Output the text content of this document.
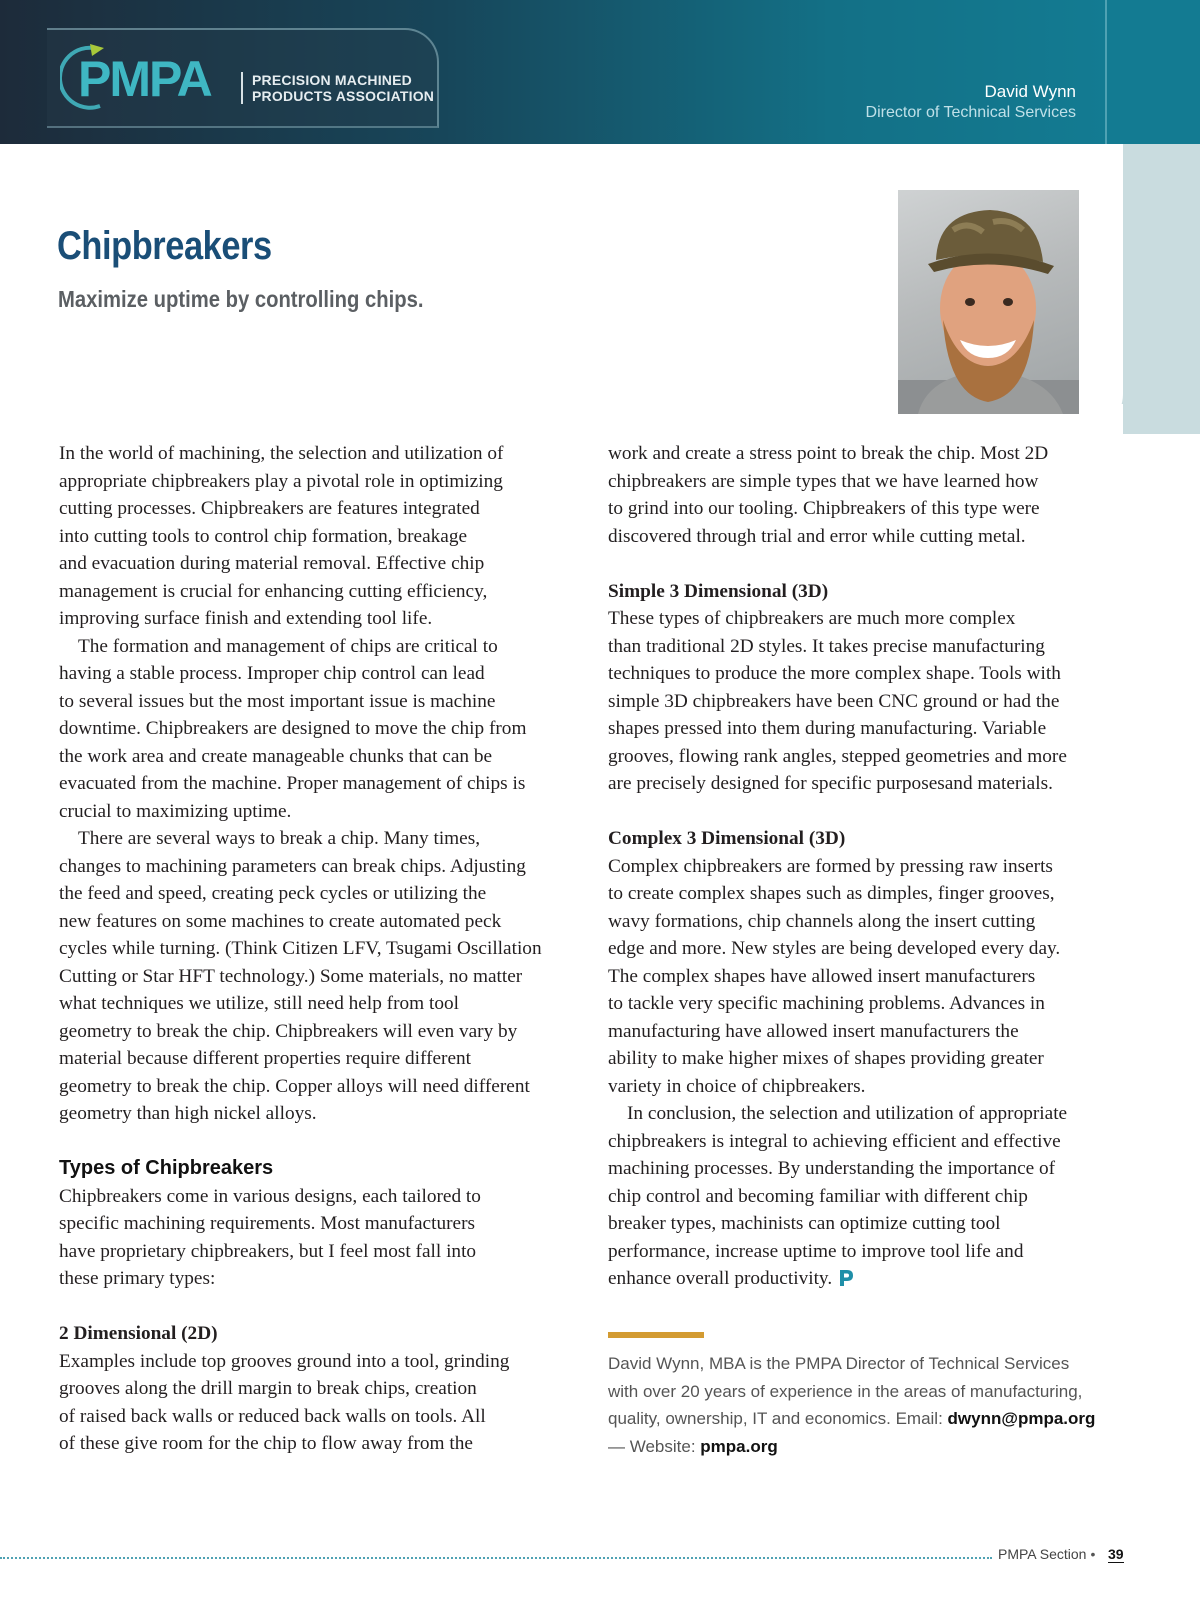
PMPA	PRECISION MACHINED
PRODUCTS ASSOCIATION	David Wynn
Director of Technical Services
Chipbreakers
Maximize uptime by controlling chips.
In the world of machining, the selection and utilization of
appropriate chipbreakers play a pivotal role in optimizing
cutting processes. Chipbreakers are features integrated
into cutting tools to control chip formation, breakage
and evacuation during material removal. Effective chip
management is crucial for enhancing cutting efficiency,
improving surface finish and extending tool life.
The formation and management of chips are critical to
having a stable process. Improper chip control can lead
to several issues but the most important issue is machine
downtime. Chipbreakers are designed to move the chip from
the work area and create manageable chunks that can be
evacuated from the machine. Proper management of chips is
crucial to maximizing uptime.
There are several ways to break a chip. Many times,
changes to machining parameters can break chips. Adjusting
the feed and speed, creating peck cycles or utilizing the
new features on some machines to create automated peck
cycles while turning. (Think Citizen LFV, Tsugami Oscillation
Cutting or Star HFT technology.) Some materials, no matter
what techniques we utilize, still need help from tool
geometry to break the chip. Chipbreakers will even vary by
material because different properties require different
geometry to break the chip. Copper alloys will need different
geometry than high nickel alloys.
Types of Chipbreakers
Chipbreakers come in various designs, each tailored to
specific machining requirements. Most manufacturers
have proprietary chipbreakers, but I feel most fall into
these primary types:
2 Dimensional (2D)
Examples include top grooves ground into a tool, grinding
grooves along the drill margin to break chips, creation
of raised back walls or reduced back walls on tools. All
of these give room for the chip to flow away from the
work and create a stress point to break the chip. Most 2D
chipbreakers are simple types that we have learned how
to grind into our tooling. Chipbreakers of this type were
discovered through trial and error while cutting metal.
Simple 3 Dimensional (3D)
These types of chipbreakers are much more complex
than traditional 2D styles. It takes precise manufacturing
techniques to produce the more complex shape. Tools with
simple 3D chipbreakers have been CNC ground or had the
shapes pressed into them during manufacturing. Variable
grooves, flowing rank angles, stepped geometries and more
are precisely designed for specific purposesand materials.
Complex 3 Dimensional (3D)
Complex chipbreakers are formed by pressing raw inserts
to create complex shapes such as dimples, finger grooves,
wavy formations, chip channels along the insert cutting
edge and more. New styles are being developed every day.
The complex shapes have allowed insert manufacturers
to tackle very specific machining problems. Advances in
manufacturing have allowed insert manufacturers the
ability to make higher mixes of shapes providing greater
variety in choice of chipbreakers.
In conclusion, the selection and utilization of appropriate
chipbreakers is integral to achieving efficient and effective
machining processes. By understanding the importance of
chip control and becoming familiar with different chip
breaker types, machinists can optimize cutting tool
performance, increase uptime to improve tool life and
enhance overall productivity.
David Wynn, MBA is the PMPA Director of Technical Services
with over 20 years of experience in the areas of manufacturing,
quality, ownership, IT and economics. Email: dwynn@pmpa.org
— Website: pmpa.org
PMPA Section • 39
